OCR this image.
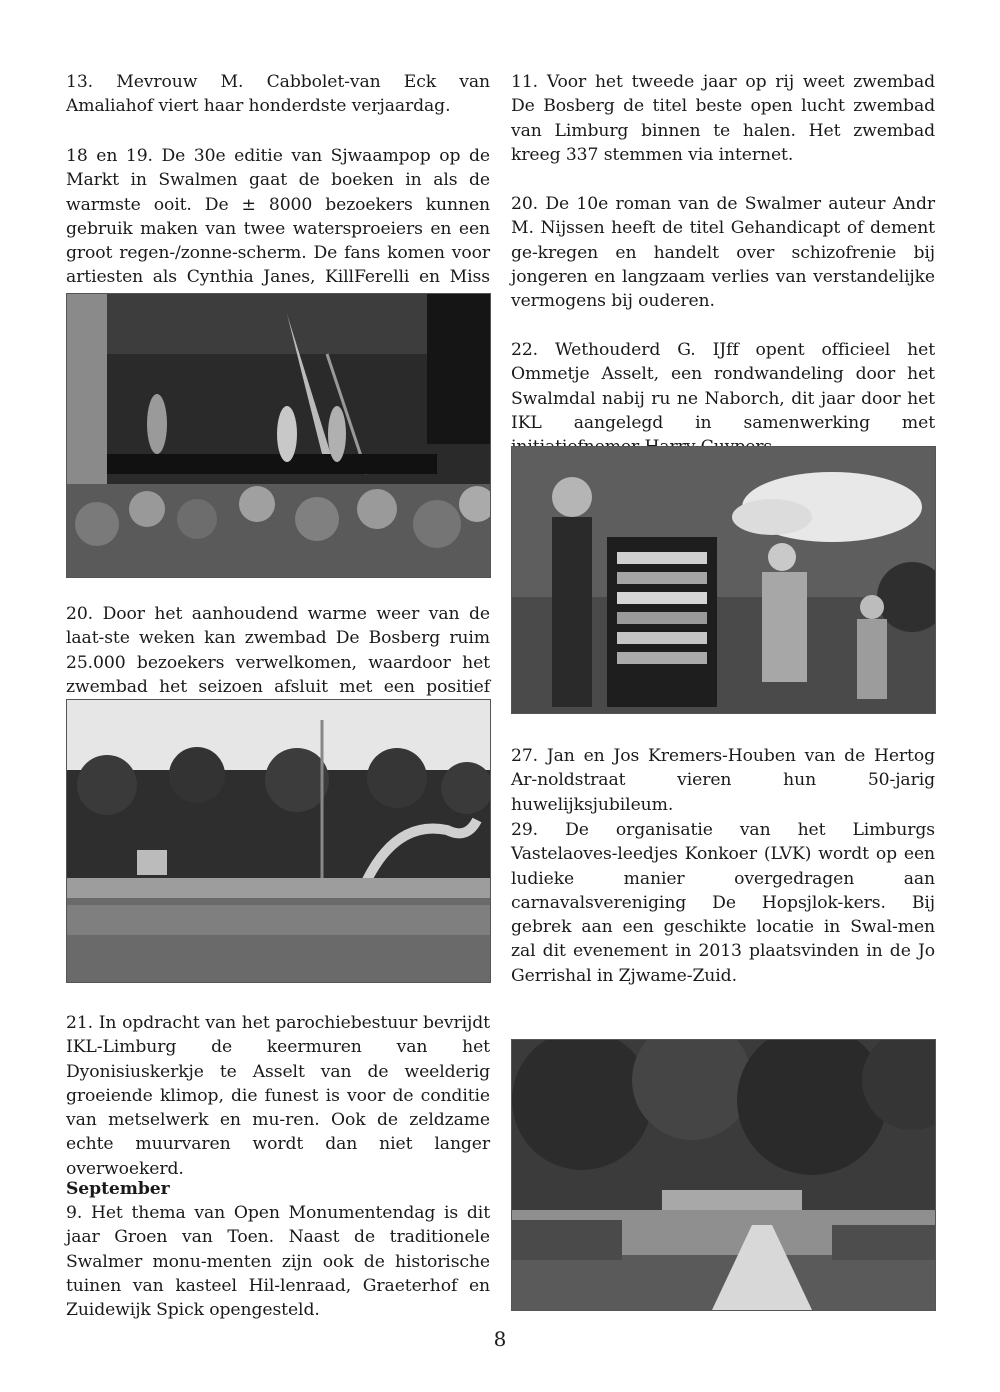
13. Mevrouw M. Cabbolet-van Eck van Amaliahof viert haar honderdste verjaardag.

18 en 19. De 30e editie van Sjwaampop op de Markt in Swalmen gaat de boeken in als de warmste ooit. De ± 8000 bezoekers kunnen gebruik maken van twee watersproeiers en een groot regen-/zonne-scherm. De fans komen voor artiesten als Cynthia Janes, KillFerelli en Miss

20. Door het aanhoudend warme weer van de laat-ste weken kan zwembad De Bosberg ruim 25.000 bezoekers verwelkomen, waardoor het zwembad het seizoen afsluit met een positief

21. In opdracht van het parochiebestuur bevrijdt IKL-Limburg de keermuren van het Dyonisiuskerkje te Asselt van de weelderig groeiende klimop, die funest is voor de conditie van metselwerk en mu-ren. Ook de zeldzame echte muurvaren wordt dan niet langer overwoekerd.

September

9. Het thema van Open Monumentendag is dit jaar Groen van Toen. Naast de traditionele Swalmer monu-menten zijn ook de historische tuinen van kasteel Hil-lenraad, Graeterhof en Zuidewijk Spick opengesteld.

11. Voor het tweede jaar op rij weet zwembad De Bosberg de titel beste open lucht zwembad van Limburg binnen te halen. Het zwembad kreeg 337 stemmen via internet.

20. De 10e roman van de Swalmer auteur Andr M. Nijssen heeft de titel Gehandicapt of dement ge-kregen en handelt over schizofrenie bij jongeren en langzaam verlies van verstandelijke vermogens bij ouderen.

22. Wethouderd G. IJff opent officieel het Ommetje Asselt, een rondwandeling door het Swalmdal nabij ru ne Naborch, dit jaar door het IKL aangelegd in samenwerking met

27. Jan en Jos Kremers-Houben van de Hertog Ar-noldstraat vieren hun 50-jarig huwelijksjubileum.

29. De organisatie van het Limburgs Vastelaoves-leedjes Konkoer (LVK) wordt op een ludieke manier overgedragen aan carnavalsvereniging De Hopsjlok-kers. Bij gebrek aan een geschikte locatie in Swal-men zal dit evenement in 2013 plaatsvinden in de Jo Gerrishal in Zjwame-Zuid.

8
